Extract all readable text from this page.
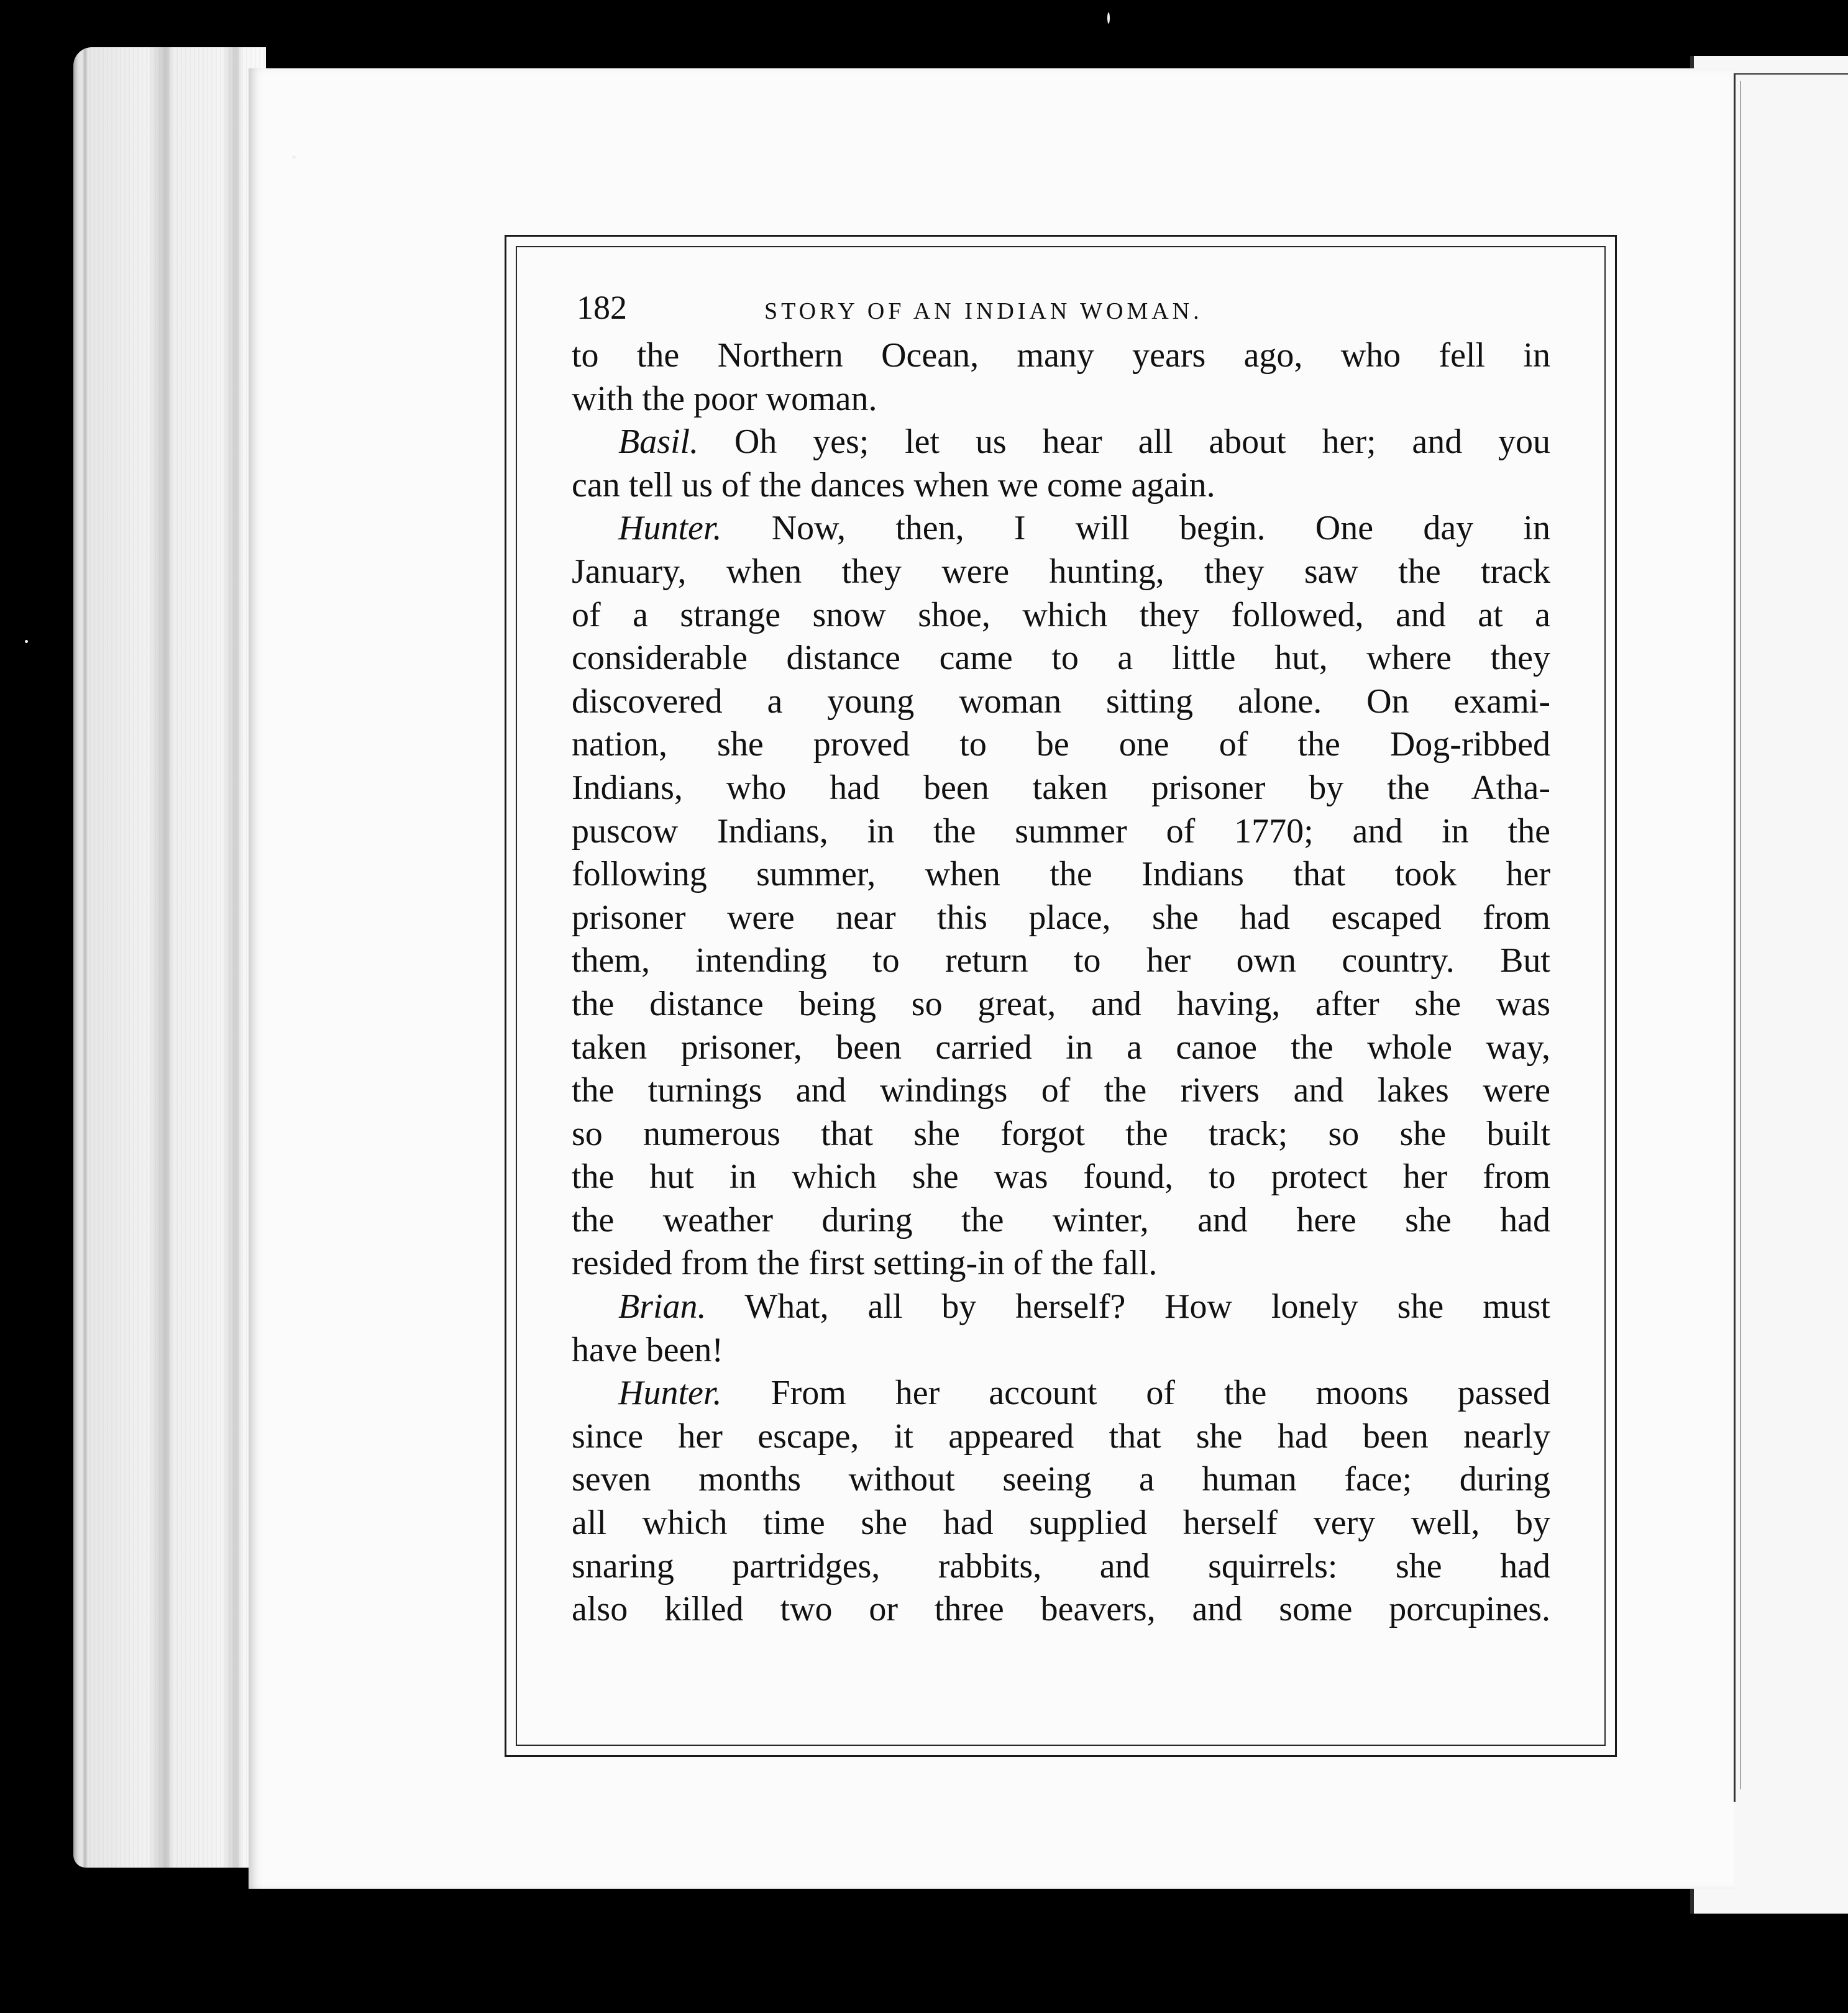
182	STORY OF AN INDIAN WOMAN.
to the Northern Ocean, many years ago, who fell in
with the poor woman.
Basil. Oh yes; let us hear all about her; and you
can tell us of the dances when we come again.
Hunter. Now, then, I will begin. One day in
January, when they were hunting, they saw the track
of a strange snow shoe, which they followed, and at a
considerable distance came to a little hut, where they
discovered a young woman sitting alone. On exami-
nation, she proved to be one of the Dog-ribbed
Indians, who had been taken prisoner by the Atha-
puscow Indians, in the summer of 1770; and in the
following summer, when the Indians that took her
prisoner were near this place, she had escaped from
them, intending to return to her own country. But
the distance being so great, and having, after she was
taken prisoner, been carried in a canoe the whole way,
the turnings and windings of the rivers and lakes were
so numerous that she forgot the track; so she built
the hut in which she was found, to protect her from
the weather during the winter, and here she had
resided from the first setting-in of the fall.
Brian. What, all by herself? How lonely she must
have been!
Hunter. From her account of the moons passed
since her escape, it appeared that she had been nearly
seven months without seeing a human face; during
all which time she had supplied herself very well, by
snaring partridges, rabbits, and squirrels: she had
also killed two or three beavers, and some porcupines.
